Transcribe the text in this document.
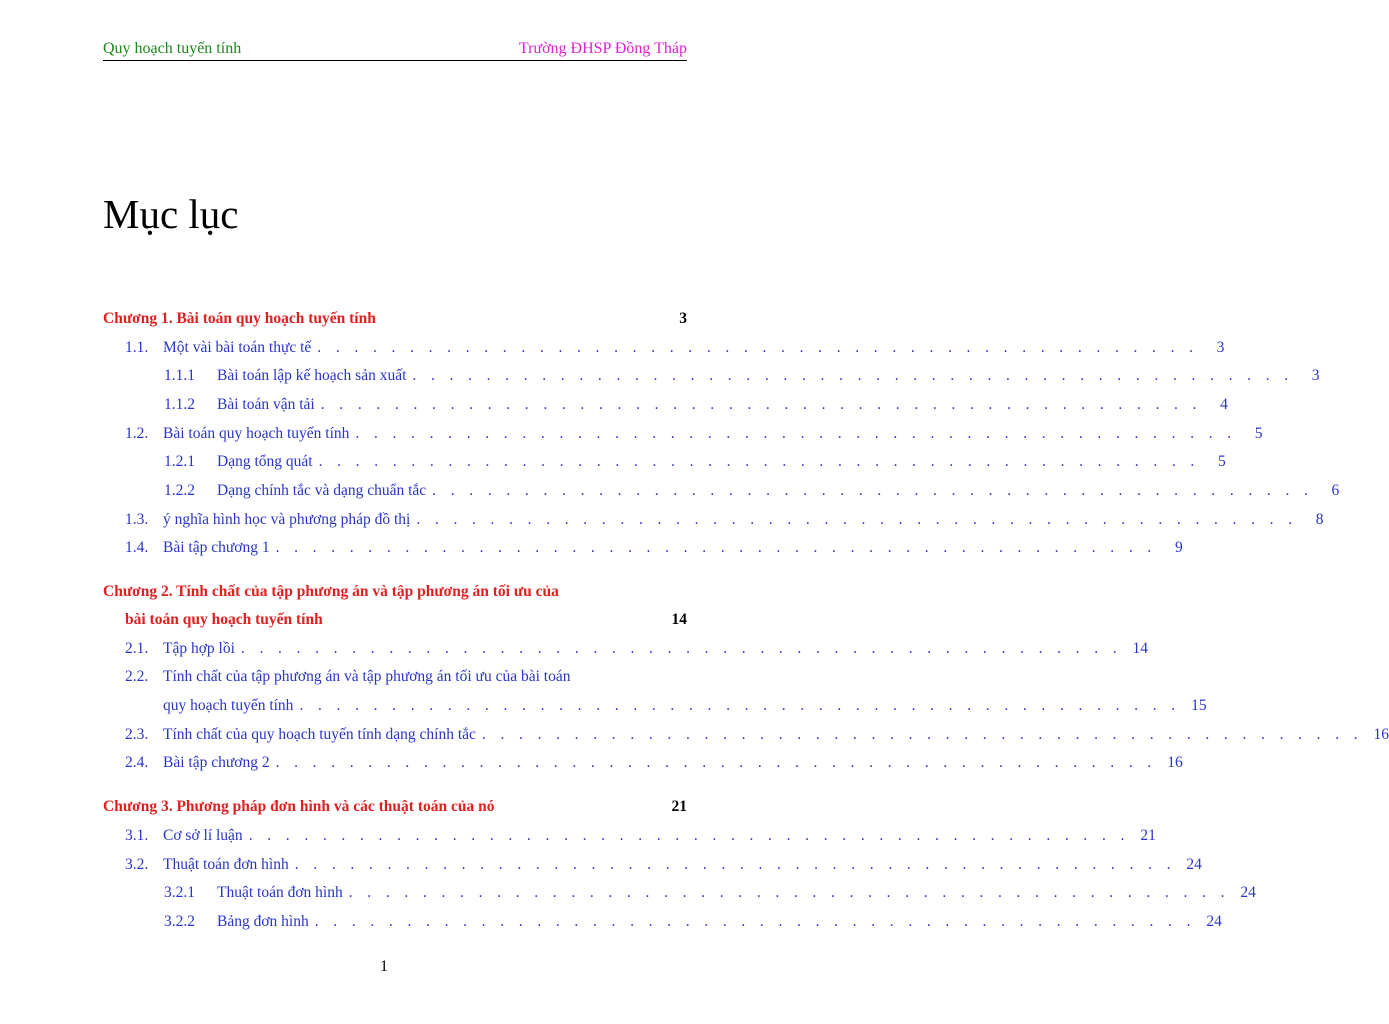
Quy hoạch tuyến tính	Trường ĐHSP Đồng Tháp
Mục lục
Chương 1. Bài toán quy hoạch tuyến tính	3
1.1. Một vài bài toán thực tế . . . . . . . . . . . . . . . . . . . . . . . . . . . . . . . . . . . . . . . . . . . . . . . .	3
1.1.1	Bài toán lập kế hoạch sản xuất . . . . . . . . . . . . . . . . . . . . . . . . . . . . . . . . . . . . . . . . . . . . . . . .	3
1.1.2	Bài toán vận tải . . . . . . . . . . . . . . . . . . . . . . . . . . . . . . . . . . . . . . . . . . . . . . . .	4
1.2. Bài toán quy hoạch tuyến tính . . . . . . . . . . . . . . . . . . . . . . . . . . . . . . . . . . . . . . . . . . . . . . . .	5
1.2.1	Dạng tổng quát . . . . . . . . . . . . . . . . . . . . . . . . . . . . . . . . . . . . . . . . . . . . . . . .	5
1.2.2	Dạng chính tắc và dạng chuẩn tắc . . . . . . . . . . . . . . . . . . . . . . . . . . . . . . . . . . . . . . . . . . . . . . . .	6
1.3. ý nghĩa hình học và phương pháp đồ thị . . . . . . . . . . . . . . . . . . . . . . . . . . . . . . . . . . . . . . . . . . . . . . . .	8
1.4. Bài tập chương 1 . . . . . . . . . . . . . . . . . . . . . . . . . . . . . . . . . . . . . . . . . . . . . . . .	9
Chương 2. Tính chất của tập phương án và tập phương án tối ưu của
bài toán quy hoạch tuyến tính	14
2.1. Tập hợp lồi . . . . . . . . . . . . . . . . . . . . . . . . . . . . . . . . . . . . . . . . . . . . . . . . 14
2.2. Tính chất của tập phương án và tập phương án tối ưu của bài toán
quy hoạch tuyến tính . . . . . . . . . . . . . . . . . . . . . . . . . . . . . . . . . . . . . . . . . . . . . . . . 15
2.3. Tính chất của quy hoạch tuyến tính dạng chính tắc . . . . . . . . . . . . . . . . . . . . . . . . . . . . . . . . . . . . . . . . . . . . . . . . 16
2.4. Bài tập chương 2 . . . . . . . . . . . . . . . . . . . . . . . . . . . . . . . . . . . . . . . . . . . . . . . . 16
Chương 3. Phương pháp đơn hình và các thuật toán của nó	21
3.1. Cơ sở lí luận . . . . . . . . . . . . . . . . . . . . . . . . . . . . . . . . . . . . . . . . . . . . . . . . 21
3.2. Thuật toán đơn hình . . . . . . . . . . . . . . . . . . . . . . . . . . . . . . . . . . . . . . . . . . . . . . . . 24
3.2.1	Thuật toán đơn hình . . . . . . . . . . . . . . . . . . . . . . . . . . . . . . . . . . . . . . . . . . . . . . . . 24
3.2.2	Bảng đơn hình . . . . . . . . . . . . . . . . . . . . . . . . . . . . . . . . . . . . . . . . . . . . . . . . 24
1
